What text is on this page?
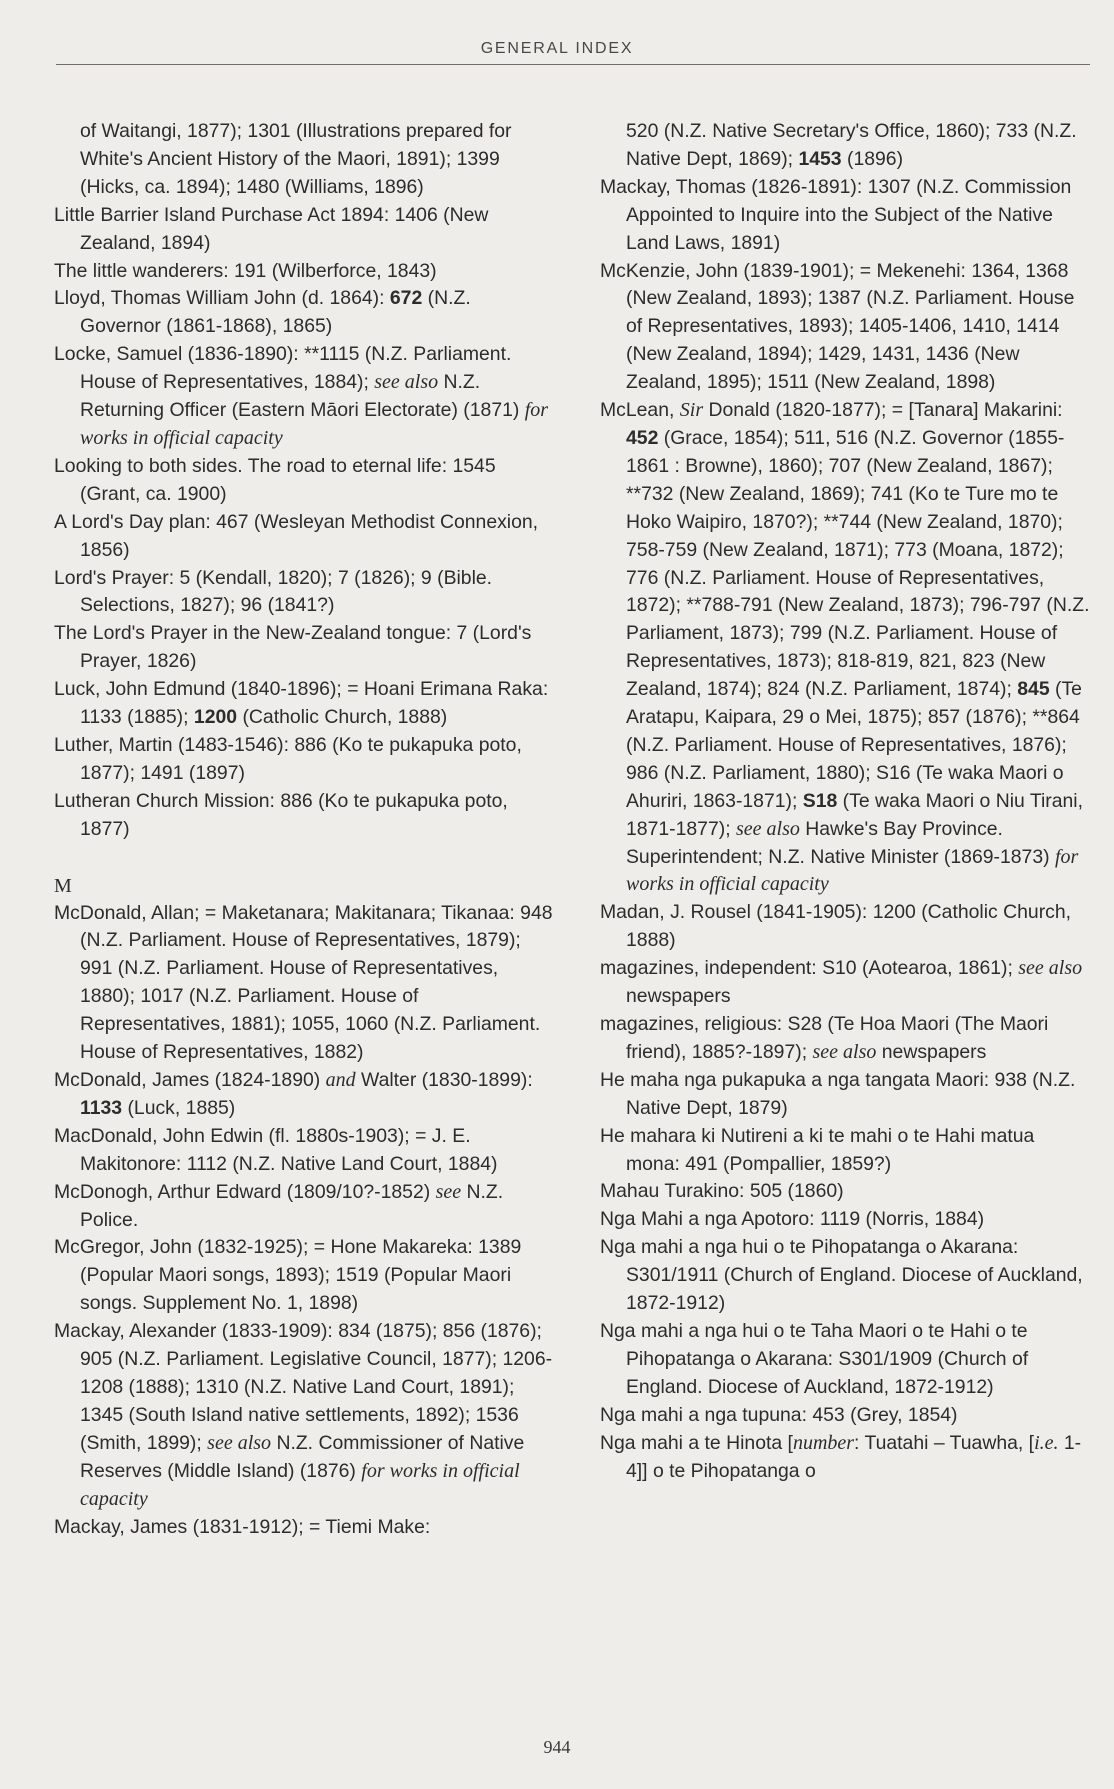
GENERAL INDEX

of Waitangi, 1877); 1301 (Illustrations prepared for White's Ancient History of the Maori, 1891); 1399 (Hicks, ca. 1894); 1480 (Williams, 1896)

Little Barrier Island Purchase Act 1894: 1406 (New Zealand, 1894)

The little wanderers: 191 (Wilberforce, 1843)

Lloyd, Thomas William John (d. 1864): 672 (N.Z. Governor (1861-1868), 1865)

Locke, Samuel (1836-1890): **1115 (N.Z. Parliament. House of Representatives, 1884); see also N.Z. Returning Officer (Eastern Māori Electorate) (1871) for works in official capacity

Looking to both sides. The road to eternal life: 1545 (Grant, ca. 1900)

A Lord's Day plan: 467 (Wesleyan Methodist Connexion, 1856)

Lord's Prayer: 5 (Kendall, 1820); 7 (1826); 9 (Bible. Selections, 1827); 96 (1841?)

The Lord's Prayer in the New-Zealand tongue: 7 (Lord's Prayer, 1826)

Luck, John Edmund (1840-1896); = Hoani Erimana Raka: 1133 (1885); 1200 (Catholic Church, 1888)

Luther, Martin (1483-1546): 886 (Ko te pukapuka poto, 1877); 1491 (1897)

Lutheran Church Mission: 886 (Ko te pukapuka poto, 1877)

M

McDonald, Allan; = Maketanara; Makitanara; Tikanaa: 948 (N.Z. Parliament. House of Representatives, 1879); 991 (N.Z. Parliament. House of Representatives, 1880); 1017 (N.Z. Parliament. House of Representatives, 1881); 1055, 1060 (N.Z. Parliament. House of Representatives, 1882)

McDonald, James (1824-1890) and Walter (1830-1899): 1133 (Luck, 1885)

MacDonald, John Edwin (fl. 1880s-1903); = J. E. Makitonore: 1112 (N.Z. Native Land Court, 1884)

McDonogh, Arthur Edward (1809/10?-1852) see N.Z. Police.

McGregor, John (1832-1925); = Hone Makareka: 1389 (Popular Maori songs, 1893); 1519 (Popular Maori songs. Supplement No. 1, 1898)

Mackay, Alexander (1833-1909): 834 (1875); 856 (1876); 905 (N.Z. Parliament. Legislative Council, 1877); 1206-1208 (1888); 1310 (N.Z. Native Land Court, 1891); 1345 (South Island native settlements, 1892); 1536 (Smith, 1899); see also N.Z. Commissioner of Native Reserves (Middle Island) (1876) for works in official capacity

Mackay, James (1831-1912); = Tiemi Make:

520 (N.Z. Native Secretary's Office, 1860); 733 (N.Z. Native Dept, 1869); 1453 (1896)

Mackay, Thomas (1826-1891): 1307 (N.Z. Commission Appointed to Inquire into the Subject of the Native Land Laws, 1891)

McKenzie, John (1839-1901); = Mekenehi: 1364, 1368 (New Zealand, 1893); 1387 (N.Z. Parliament. House of Representatives, 1893); 1405-1406, 1410, 1414 (New Zealand, 1894); 1429, 1431, 1436 (New Zealand, 1895); 1511 (New Zealand, 1898)

McLean, Sir Donald (1820-1877); = [Tanara] Makarini: 452 (Grace, 1854); 511, 516 (N.Z. Governor (1855-1861 : Browne), 1860); 707 (New Zealand, 1867); **732 (New Zealand, 1869); 741 (Ko te Ture mo te Hoko Waipiro, 1870?); **744 (New Zealand, 1870); 758-759 (New Zealand, 1871); 773 (Moana, 1872); 776 (N.Z. Parliament. House of Representatives, 1872); **788-791 (New Zealand, 1873); 796-797 (N.Z. Parliament, 1873); 799 (N.Z. Parliament. House of Representatives, 1873); 818-819, 821, 823 (New Zealand, 1874); 824 (N.Z. Parliament, 1874); 845 (Te Aratapu, Kaipara, 29 o Mei, 1875); 857 (1876); **864 (N.Z. Parliament. House of Representatives, 1876); 986 (N.Z. Parliament, 1880); S16 (Te waka Maori o Ahuriri, 1863-1871); S18 (Te waka Maori o Niu Tirani, 1871-1877); see also Hawke's Bay Province. Superintendent; N.Z. Native Minister (1869-1873) for works in official capacity

Madan, J. Rousel (1841-1905): 1200 (Catholic Church, 1888)

magazines, independent: S10 (Aotearoa, 1861); see also newspapers

magazines, religious: S28 (Te Hoa Maori (The Maori friend), 1885?-1897); see also newspapers

He maha nga pukapuka a nga tangata Maori: 938 (N.Z. Native Dept, 1879)

He mahara ki Nutireni a ki te mahi o te Hahi matua mona: 491 (Pompallier, 1859?)

Mahau Turakino: 505 (1860)

Nga Mahi a nga Apotoro: 1119 (Norris, 1884)

Nga mahi a nga hui o te Pihopatanga o Akarana: S301/1911 (Church of England. Diocese of Auckland, 1872-1912)

Nga mahi a nga hui o te Taha Maori o te Hahi o te Pihopatanga o Akarana: S301/1909 (Church of England. Diocese of Auckland, 1872-1912)

Nga mahi a nga tupuna: 453 (Grey, 1854)

Nga mahi a te Hinota [number: Tuatahi – Tuawha, [i.e. 1-4]] o te Pihopatanga o

944
